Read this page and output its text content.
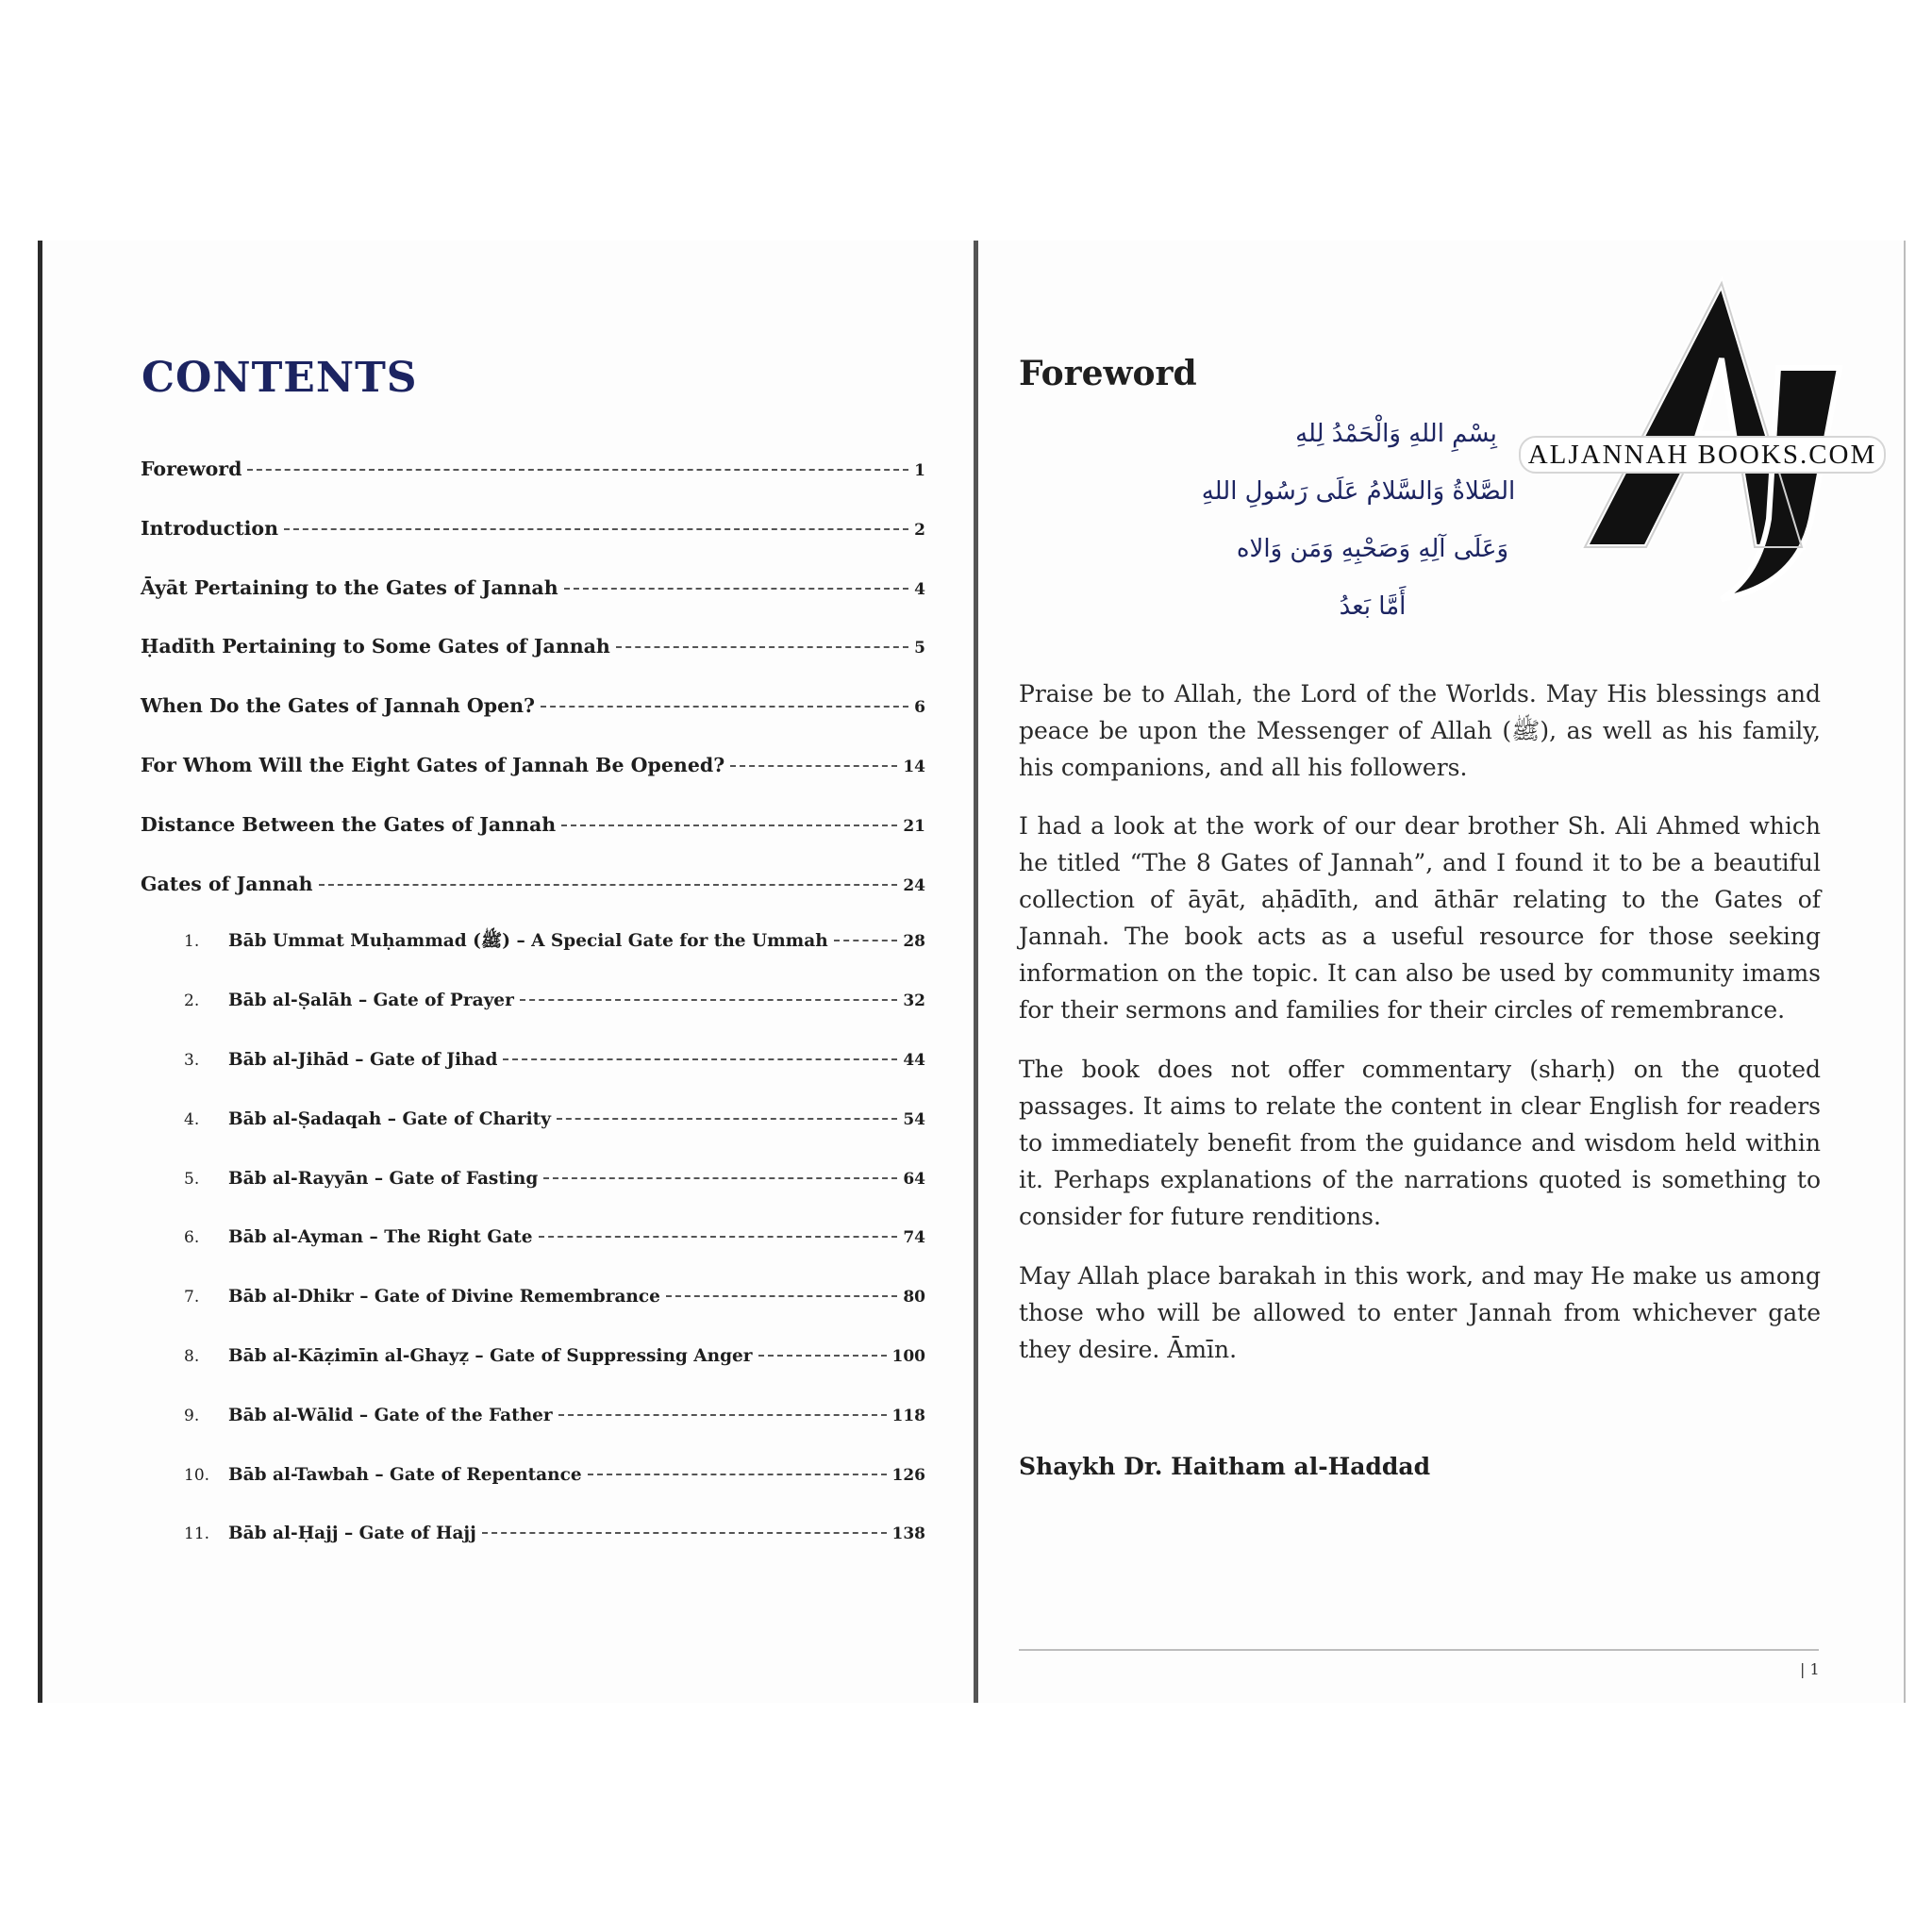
CONTENTS
Foreword	1
Introduction	2
Āyāt Pertaining to the Gates of Jannah	4
Ḥadīth Pertaining to Some Gates of Jannah	5
When Do the Gates of Jannah Open?	6
For Whom Will the Eight Gates of Jannah Be Opened?	14
Distance Between the Gates of Jannah	21
Gates of Jannah	24
1.	Bāb Ummat Muḥammad (ﷺ) – A Special Gate for the Ummah	28
2.	Bāb al-Ṣalāh – Gate of Prayer	32
3.	Bāb al-Jihād – Gate of Jihad	44
4.	Bāb al-Ṣadaqah – Gate of Charity	54
5.	Bāb al-Rayyān – Gate of Fasting	64
6.	Bāb al-Ayman – The Right Gate	74
7.	Bāb al-Dhikr – Gate of Divine Remembrance	80
8.	Bāb al-Kāẓimīn al-Ghayẓ – Gate of Suppressing Anger	100
9.	Bāb al-Wālid – Gate of the Father	118
10.	Bāb al-Tawbah – Gate of Repentance	126
11.	Bāb al-Ḥajj – Gate of Hajj	138
Foreword
بِسْمِ اللهِ وَالْحَمْدُ لِلهِ
الصَّلاةُ وَالسَّلامُ عَلَى رَسُولِ اللهِ
وَعَلَى آلِهِ وَصَحْبِهِ وَمَن وَالاه
أَمَّا بَعدُ

Praise be to Allah, the Lord of the Worlds. May His blessings and peace be upon the Messenger of Allah (ﷺ), as well as his family, his companions, and all his followers.

I had a look at the work of our dear brother Sh. Ali Ahmed which he titled “The 8 Gates of Jannah”, and I found it to be a beautiful collection of āyāt, aḥādīth, and āthār relating to the Gates of Jannah. The book acts as a useful resource for those seeking information on the topic. It can also be used by community imams for their sermons and families for their circles of remembrance.

The book does not offer commentary (sharḥ) on the quoted passages. It aims to relate the content in clear English for readers to immediately benefit from the guidance and wisdom held within it. Perhaps explanations of the narrations quoted is something to consider for future renditions.

May Allah place barakah in this work, and may He make us among those who will be allowed to enter Jannah from whichever gate they desire. Āmīn.

Shaykh Dr. Haitham al-Haddad

| 1
ALJANNAH BOOKS.COM
